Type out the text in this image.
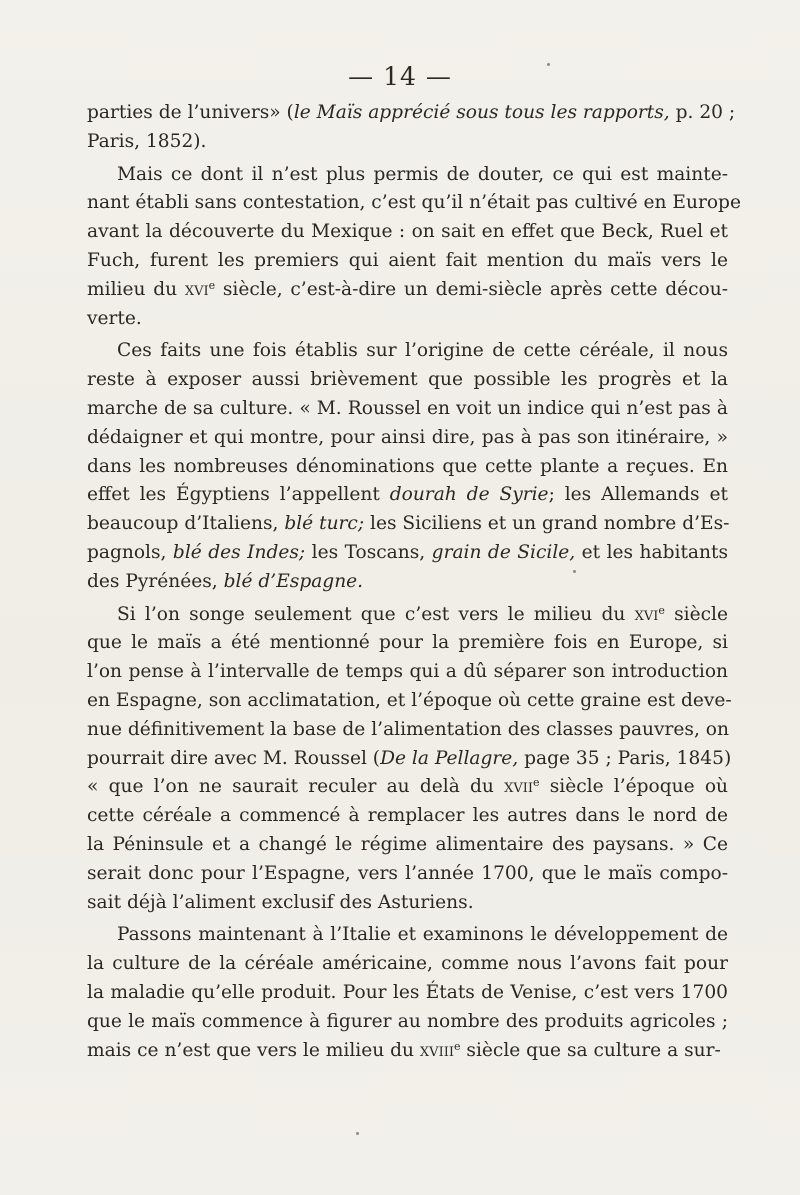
— 14 —

parties de l’univers» (le Maïs apprécié sous tous les rapports, p. 20 ;
Paris, 1852).

Mais ce dont il n’est plus permis de douter, ce qui est mainte-
nant établi sans contestation, c’est qu’il n’était pas cultivé en Europe
avant la découverte du Mexique : on sait en effet que Beck, Ruel et
Fuch, furent les premiers qui aient fait mention du maïs vers le
milieu du xvi$^e$ siècle, c’est-à-dire un demi-siècle après cette décou-
verte.

Ces faits une fois établis sur l’origine de cette céréale, il nous
reste à exposer aussi brièvement que possible les progrès et la
marche de sa culture. « M. Roussel en voit un indice qui n’est pas à
dédaigner et qui montre, pour ainsi dire, pas à pas son itinéraire, »
dans les nombreuses dénominations que cette plante a reçues. En
effet les Égyptiens l’appellent dourah de Syrie; les Allemands et
beaucoup d’Italiens, blé turc; les Siciliens et un grand nombre d’Es-
pagnols, blé des Indes; les Toscans, grain de Sicile, et les habitants
des Pyrénées, blé d’Espagne.

Si l’on songe seulement que c’est vers le milieu du xvi$^e$ siècle
que le maïs a été mentionné pour la première fois en Europe, si
l’on pense à l’intervalle de temps qui a dû séparer son introduction
en Espagne, son acclimatation, et l’époque où cette graine est deve-
nue définitivement la base de l’alimentation des classes pauvres, on
pourrait dire avec M. Roussel (De la Pellagre, page 35 ; Paris, 1845)
« que l’on ne saurait reculer au delà du xvii$^e$ siècle l’époque où
cette céréale a commencé à remplacer les autres dans le nord de
la Péninsule et a changé le régime alimentaire des paysans. » Ce
serait donc pour l’Espagne, vers l’année 1700, que le maïs compo-
sait déjà l’aliment exclusif des Asturiens.

Passons maintenant à l’Italie et examinons le développement de
la culture de la céréale américaine, comme nous l’avons fait pour
la maladie qu’elle produit. Pour les États de Venise, c’est vers 1700
que le maïs commence à figurer au nombre des produits agricoles ;
mais ce n’est que vers le milieu du xviii$^e$ siècle que sa culture a sur-
